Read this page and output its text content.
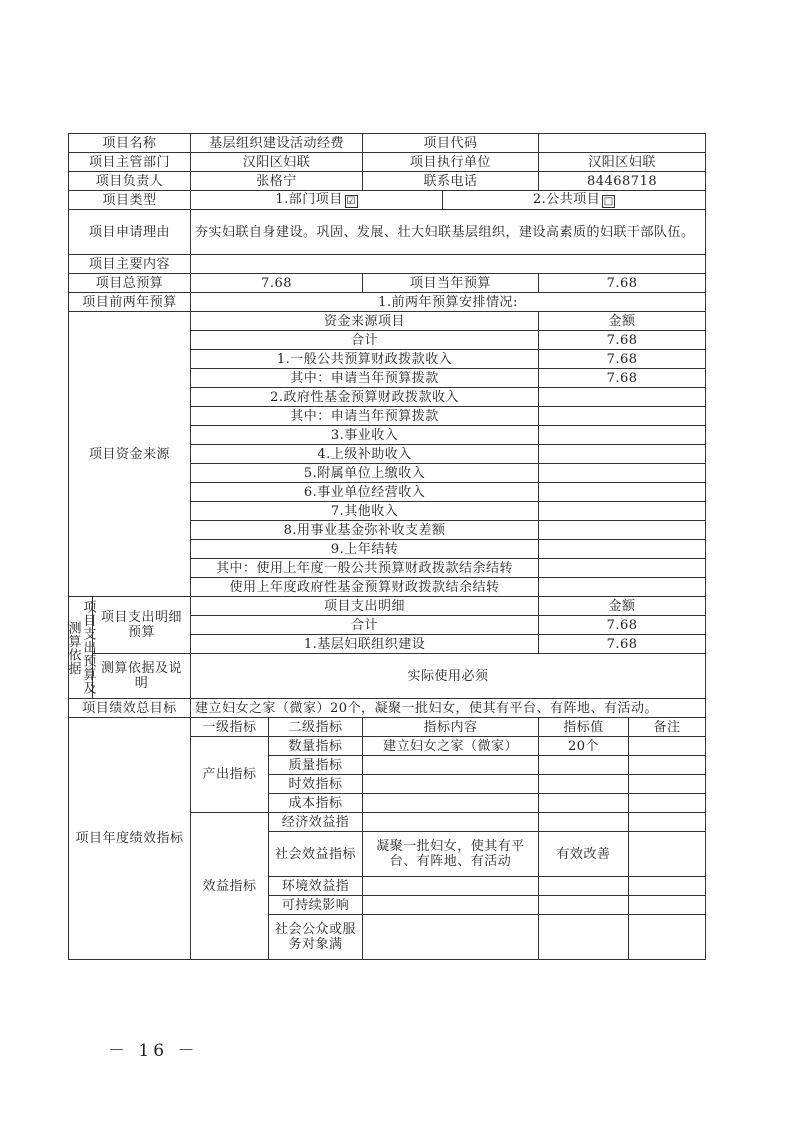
项目名称		基层组织建设活动经费		项目代码			
项目主管部门		汉阳区妇联		项目执行单位		汉阳区妇联	
项目负责人		张格宁		联系电话		84468718	
项目类型		1.部门项目 ☑			2.公共项目 □		
项目申请理由		夯实妇联自身建设。巩固、发展、壮大妇联基层组织，建设高素质的妇联干部队伍。					
项目主要内容							
项目总预算		7.68		项目当年预算		7.68	
项目前两年预算		1.前两年预算安排情况:					
项目资金来源		资金来源项目				金额	
		合计				7.68	
		1.一般公共预算财政拨款收入				7.68	
		其中：申请当年预算拨款				7.68	
		2.政府性基金预算财政拨款收入					
		其中：申请当年预算拨款					
		3.事业收入					
		4.上级补助收入					
		5.附属单位上缴收入					
		6.事业单位经营收入					
		7.其他收入					
		8.用事业基金弥补收支差额					
		9.上年结转					
		其中：使用上年度一般公共预算财政拨款结余结转					
		使用上年度政府性基金预算财政拨款结余结转					
项目支出预算及测算依据	项目支出明细预算	项目支出明细				金额	
		合计				7.68	
		1.基层妇联组织建设				7.68	
	测算依据及说明	实际使用必须					
项目绩效总目标		建立妇女之家（微家）20个，凝聚一批妇女，使其有平台、有阵地、有活动。					
项目年度绩效指标		一级指标	二级指标	指标内容		指标值	备注
		产出指标	数量指标	建立妇女之家（微家）		20个	
			质量指标				
			时效指标				
			成本指标				
		效益指标	经济效益指				
			社会效益指标	凝聚一批妇女，使其有平台、有阵地、有活动		有效改善	
			环境效益指				
			可持续影响				
			社会公众或服务对象满				
－ 16 －
